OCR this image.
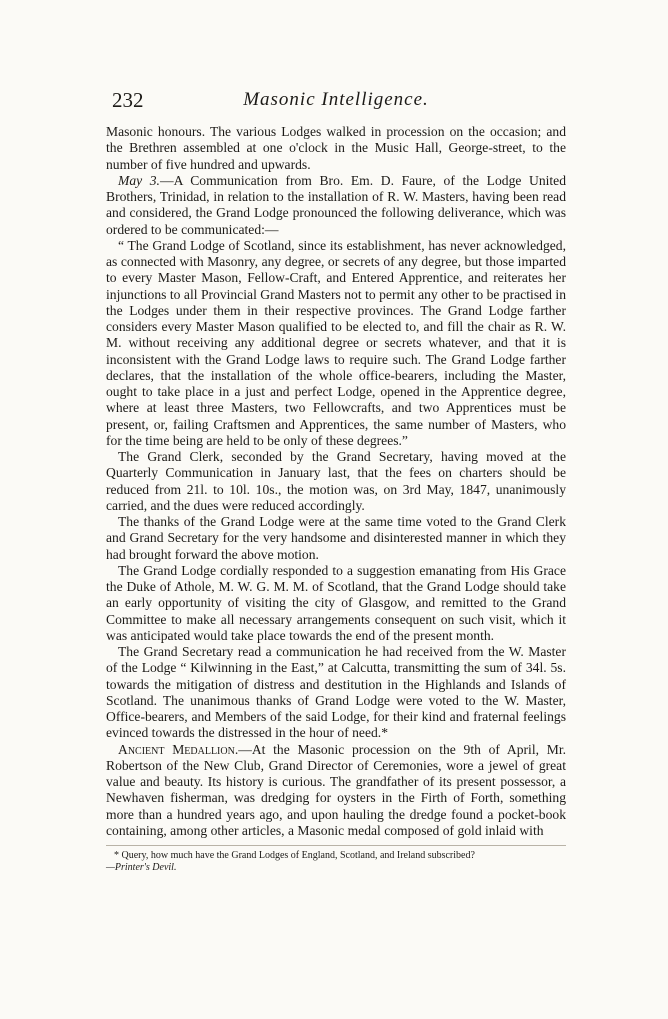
232	Masonic Intelligence.

Masonic honours. The various Lodges walked in procession on the occasion; and the Brethren assembled at one o'clock in the Music Hall, George-street, to the number of five hundred and upwards.

May 3.—A Communication from Bro. Em. D. Faure, of the Lodge United Brothers, Trinidad, in relation to the installation of R. W. Masters, having been read and considered, the Grand Lodge pronounced the following deliverance, which was ordered to be communicated:—

“ The Grand Lodge of Scotland, since its establishment, has never acknowledged, as connected with Masonry, any degree, or secrets of any degree, but those imparted to every Master Mason, Fellow-Craft, and Entered Apprentice, and reiterates her injunctions to all Provincial Grand Masters not to permit any other to be practised in the Lodges under them in their respective provinces. The Grand Lodge farther considers every Master Mason qualified to be elected to, and fill the chair as R. W. M. without receiving any additional degree or secrets whatever, and that it is inconsistent with the Grand Lodge laws to require such. The Grand Lodge farther declares, that the installation of the whole office-bearers, including the Master, ought to take place in a just and perfect Lodge, opened in the Apprentice degree, where at least three Masters, two Fellowcrafts, and two Apprentices must be present, or, failing Craftsmen and Apprentices, the same number of Masters, who for the time being are held to be only of these degrees.”

The Grand Clerk, seconded by the Grand Secretary, having moved at the Quarterly Communication in January last, that the fees on charters should be reduced from 21l. to 10l. 10s., the motion was, on 3rd May, 1847, unanimously carried, and the dues were reduced accordingly.

The thanks of the Grand Lodge were at the same time voted to the Grand Clerk and Grand Secretary for the very handsome and disinterested manner in which they had brought forward the above motion.

The Grand Lodge cordially responded to a suggestion emanating from His Grace the Duke of Athole, M. W. G. M. M. of Scotland, that the Grand Lodge should take an early opportunity of visiting the city of Glasgow, and remitted to the Grand Committee to make all necessary arrangements consequent on such visit, which it was anticipated would take place towards the end of the present month.

The Grand Secretary read a communication he had received from the W. Master of the Lodge “ Kilwinning in the East,” at Calcutta, transmitting the sum of 34l. 5s. towards the mitigation of distress and destitution in the Highlands and Islands of Scotland. The unanimous thanks of Grand Lodge were voted to the W. Master, Office-bearers, and Members of the said Lodge, for their kind and fraternal feelings evinced towards the distressed in the hour of need.*

Ancient Medallion.—At the Masonic procession on the 9th of April, Mr. Robertson of the New Club, Grand Director of Ceremonies, wore a jewel of great value and beauty. Its history is curious. The grandfather of its present possessor, a Newhaven fisherman, was dredging for oysters in the Firth of Forth, something more than a hundred years ago, and upon hauling the dredge found a pocket-book containing, among other articles, a Masonic medal composed of gold inlaid with

* Query, how much have the Grand Lodges of England, Scotland, and Ireland subscribed?
—Printer's Devil.
